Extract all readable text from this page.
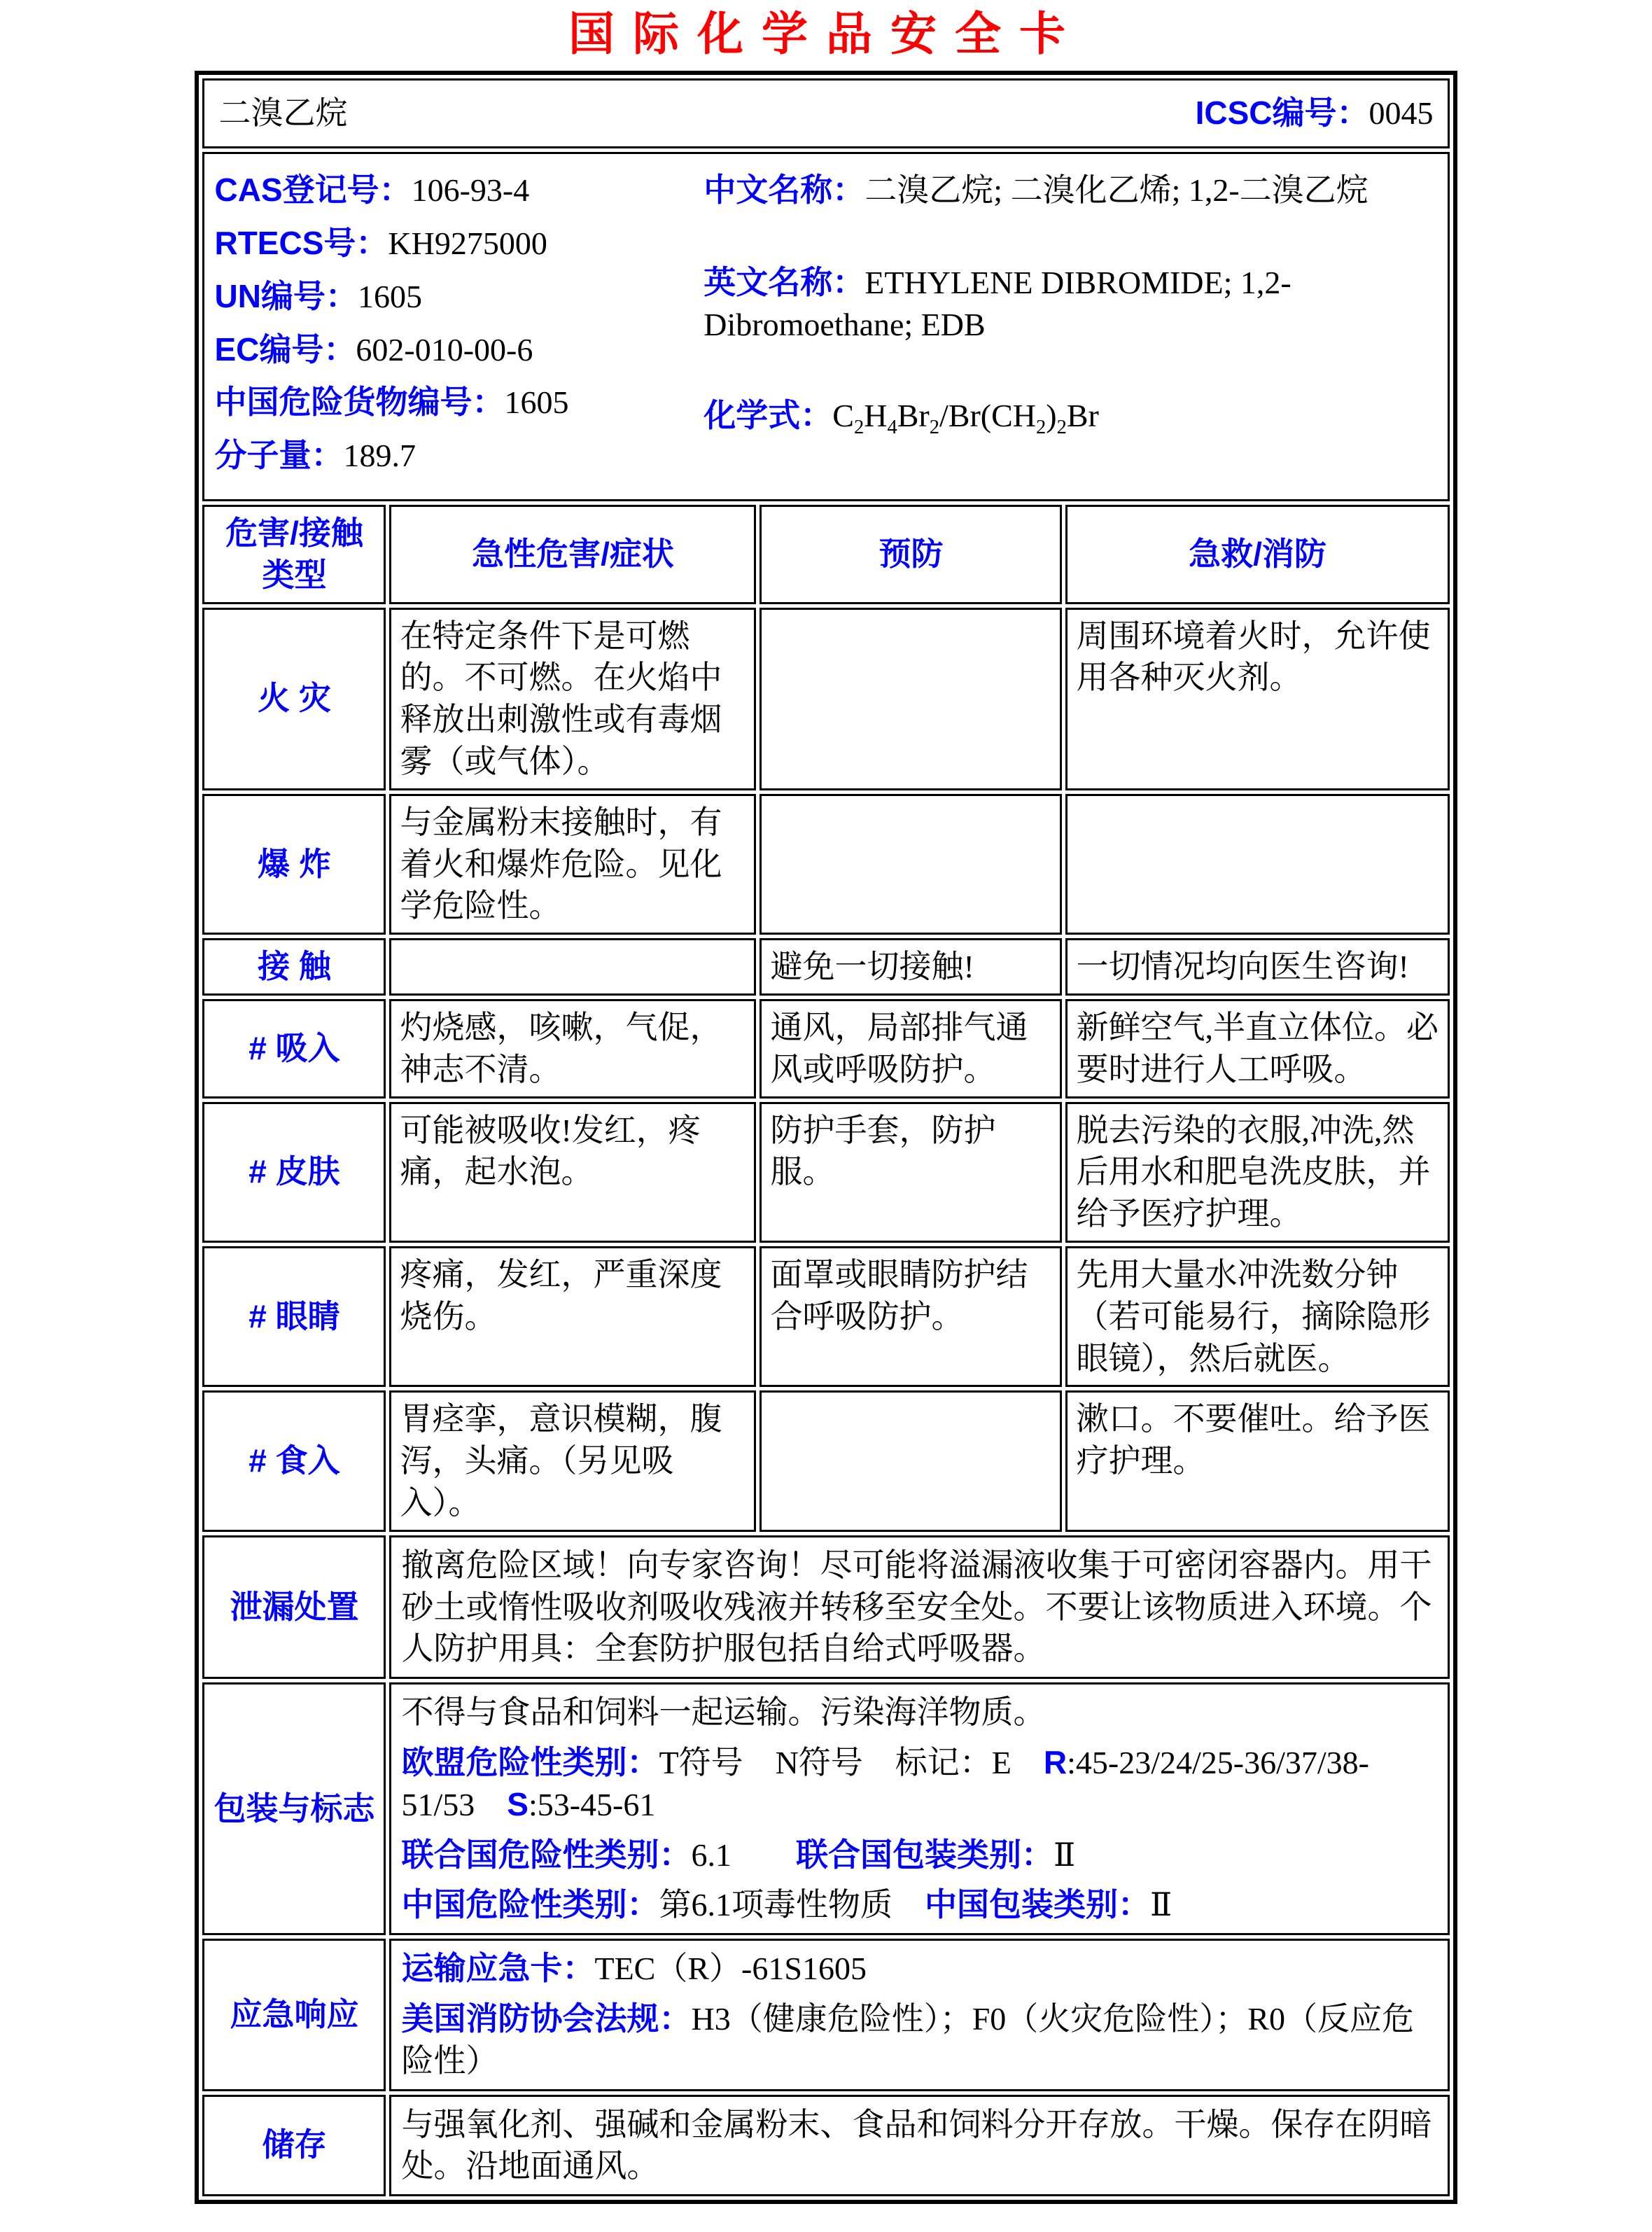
国际化学品安全卡
二溴乙烷 ICSC编号：0045			

CAS登记号：106-93-4
RTECS号：KH9275000
UN编号：1605
EC编号：602-010-00-6
中国危险货物编号：1605
分子量：189.7
中文名称：二溴乙烷; 二溴化乙烯; 1,2-二溴乙烷
英文名称：ETHYLENE DIBROMIDE; 1,2-Dibromoethane; EDB
化学式：$C_2H_4Br_2/Br(CH_2)_2Br$

危害/接触类型	急性危害/症状	预防	急救/消防
火 灾	在特定条件下是可燃的。不可燃。在火焰中释放出刺激性或有毒烟雾（或气体）。		周围环境着火时，允许使用各种灭火剂。
爆 炸	与金属粉末接触时，有着火和爆炸危险。见化学危险性。		
接 触		避免一切接触!	一切情况均向医生咨询!
# 吸入	灼烧感，咳嗽，气促，神志不清。	通风，局部排气通风或呼吸防护。	新鲜空气,半直立体位。必要时进行人工呼吸。
# 皮肤	可能被吸收!发红，疼痛，起水泡。	防护手套，防护服。	脱去污染的衣服,冲洗,然后用水和肥皂洗皮肤，并给予医疗护理。
# 眼睛	疼痛，发红，严重深度烧伤。	面罩或眼睛防护结合呼吸防护。	先用大量水冲洗数分钟（若可能易行，摘除隐形眼镜），然后就医。
# 食入	胃痉挛，意识模糊，腹泻，头痛。（另见吸入）。		漱口。不要催吐。给予医疗护理。
泄漏处置	撤离危险区域！向专家咨询！尽可能将溢漏液收集于可密闭容器内。用干砂土或惰性吸收剂吸收残液并转移至安全处。不要让该物质进入环境。个人防护用具：全套防护服包括自给式呼吸器。		

包装与标志	不得与食品和饲料一起运输。污染海洋物质。
欧盟危险性类别：T符号　N符号　标记：E　R:45-23/24/25-36/37/38-51/53　S:53-45-61
联合国危险性类别：6.1　　联合国包装类别：Ⅱ
中国危险性类别：第6.1项毒性物质　中国包装类别：Ⅱ		

应急响应	运输应急卡：TEC（R）-61S1605
美国消防协会法规：H3（健康危险性）；F0（火灾危险性）；R0（反应危险性）		

储存	与强氧化剂、强碱和金属粉末、食品和饲料分开存放。干燥。保存在阴暗处。沿地面通风。		
